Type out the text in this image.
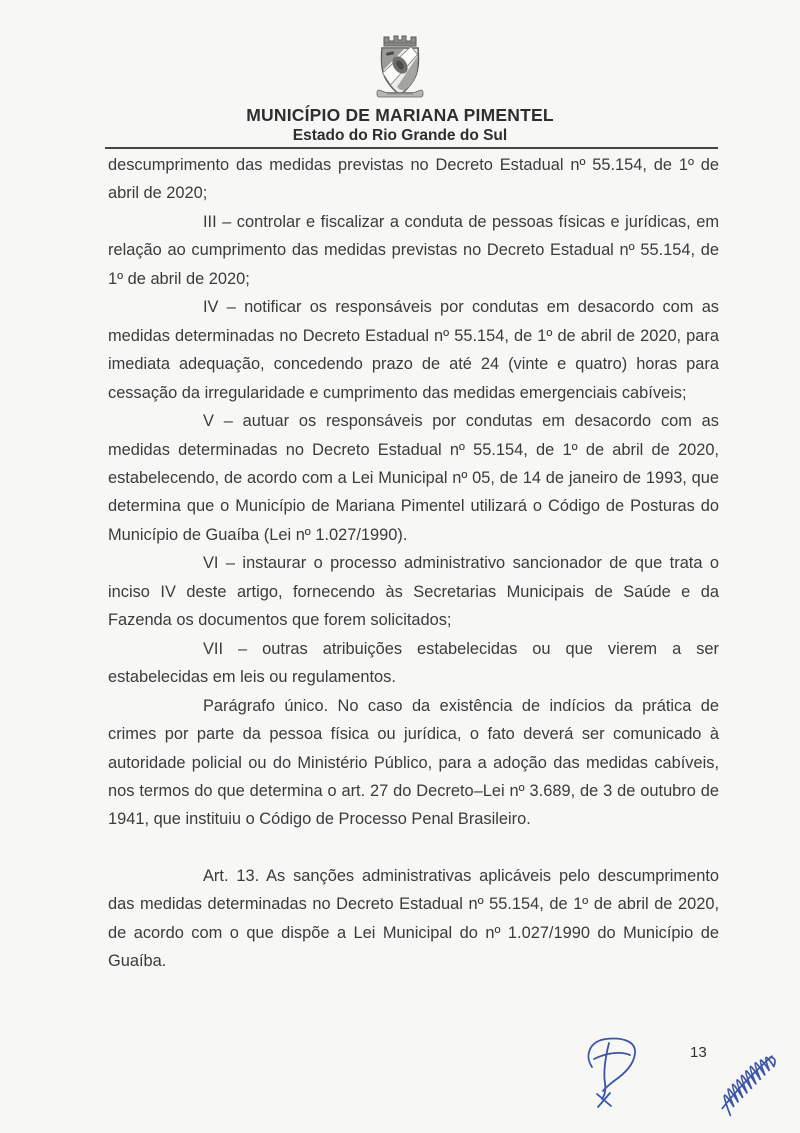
MUNICÍPIO DE MARIANA PIMENTEL
Estado do Rio Grande do Sul

descumprimento das medidas previstas no Decreto Estadual nº 55.154, de 1º de abril de 2020;

III – controlar e fiscalizar a conduta de pessoas físicas e jurídicas, em relação ao cumprimento das medidas previstas no Decreto Estadual nº 55.154, de 1º de abril de 2020;

IV – notificar os responsáveis por condutas em desacordo com as medidas determinadas no Decreto Estadual nº 55.154, de 1º de abril de 2020, para imediata adequação, concedendo prazo de até 24 (vinte e quatro) horas para cessação da irregularidade e cumprimento das medidas emergenciais cabíveis;

V – autuar os responsáveis por condutas em desacordo com as medidas determinadas no Decreto Estadual nº 55.154, de 1º de abril de 2020, estabelecendo, de acordo com a Lei Municipal nº 05, de 14 de janeiro de 1993, que determina que o Município de Mariana Pimentel utilizará o Código de Posturas do Município de Guaíba (Lei nº 1.027/1990).

VI – instaurar o processo administrativo sancionador de que trata o inciso IV deste artigo, fornecendo às Secretarias Municipais de Saúde e da Fazenda os documentos que forem solicitados;

VII – outras atribuições estabelecidas ou que vierem a ser estabelecidas em leis ou regulamentos.

Parágrafo único. No caso da existência de indícios da prática de crimes por parte da pessoa física ou jurídica, o fato deverá ser comunicado à autoridade policial ou do Ministério Público, para a adoção das medidas cabíveis, nos termos do que determina o art. 27 do Decreto–Lei nº 3.689, de 3 de outubro de 1941, que instituiu o Código de Processo Penal Brasileiro.

Art. 13. As sanções administrativas aplicáveis pelo descumprimento das medidas determinadas no Decreto Estadual nº 55.154, de 1º de abril de 2020, de acordo com o que dispõe a Lei Municipal do nº 1.027/1990 do Município de Guaíba.

13
